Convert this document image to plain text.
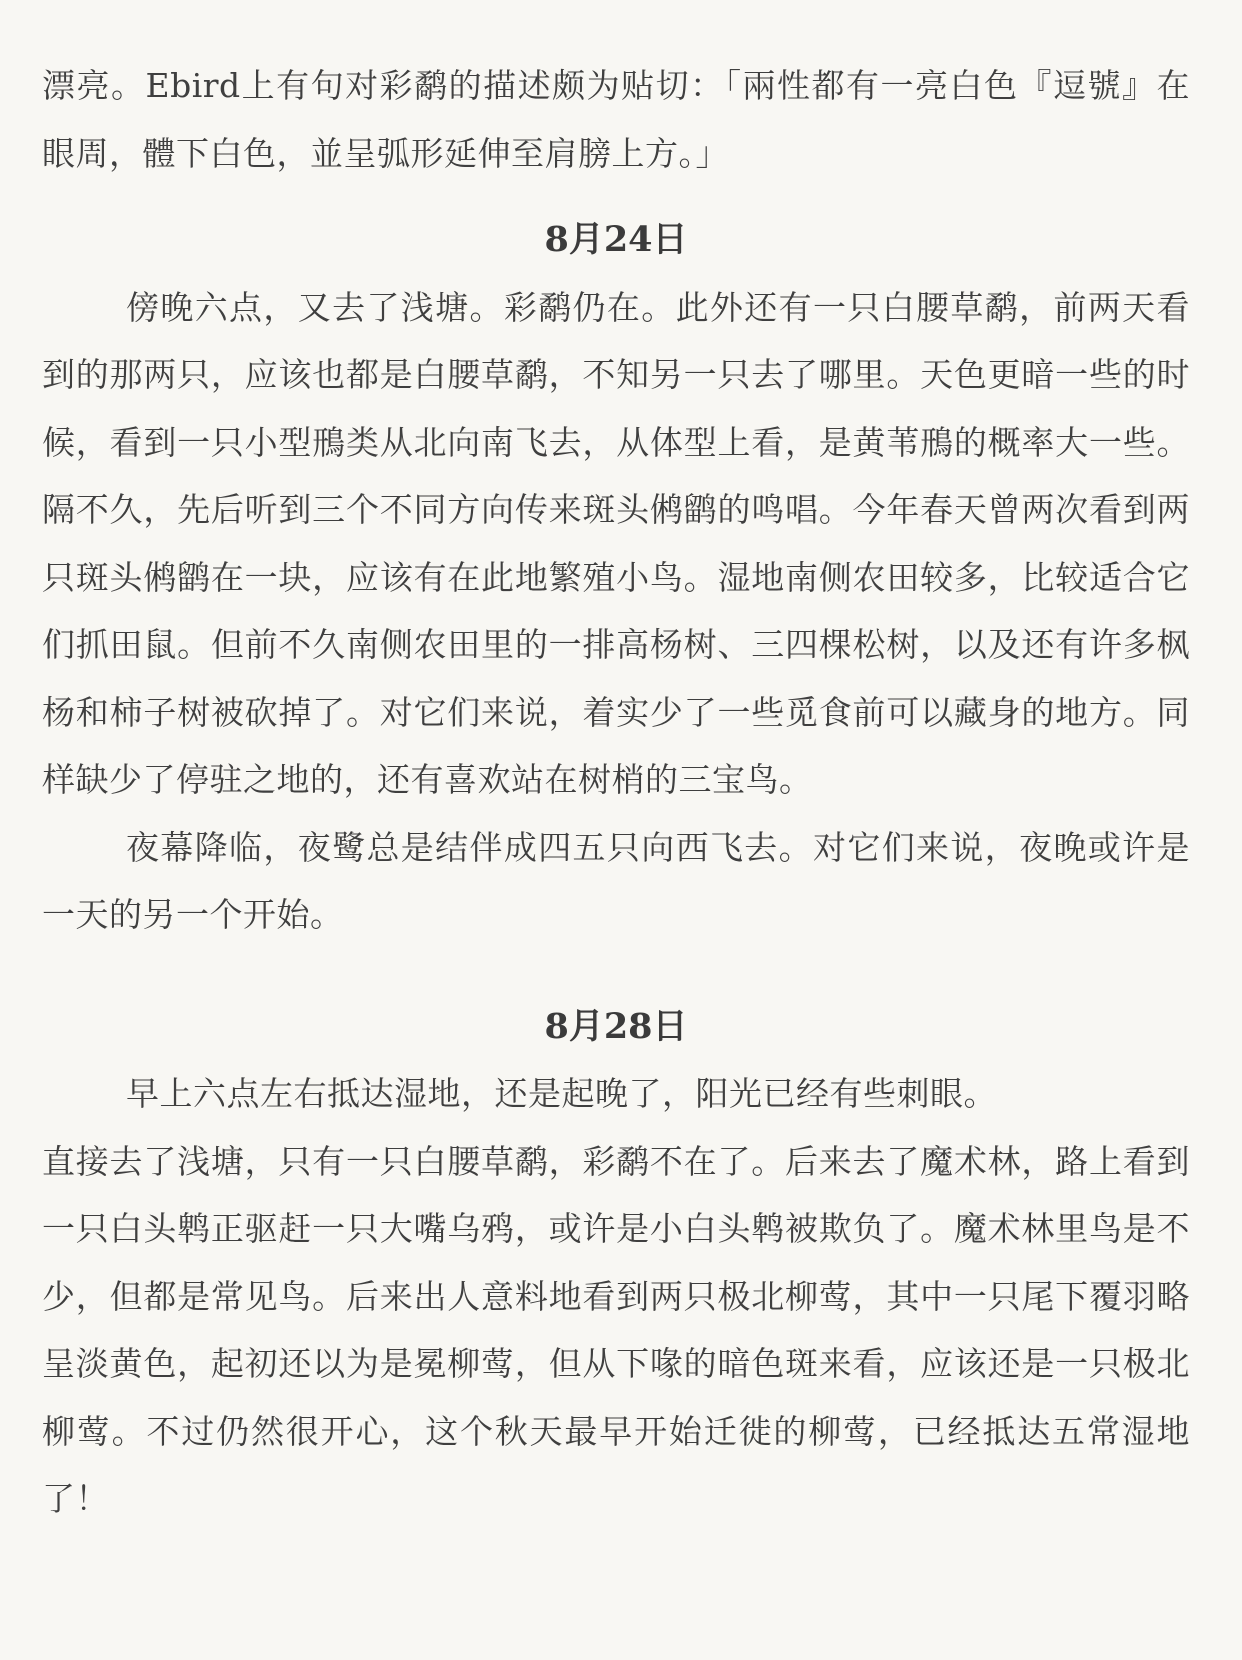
漂亮。Ebird上有句对彩鹬的描述颇为贴切：「兩性都有一亮白色『逗號』在眼周，體下白色，並呈弧形延伸至肩膀上方。」

8月24日

傍晚六点，又去了浅塘。彩鹬仍在。此外还有一只白腰草鹬，前两天看到的那两只，应该也都是白腰草鹬，不知另一只去了哪里。天色更暗一些的时候，看到一只小型鳽类从北向南飞去，从体型上看，是黄苇鳽的概率大一些。隔不久，先后听到三个不同方向传来斑头鸺鹠的鸣唱。今年春天曾两次看到两只斑头鸺鹠在一块，应该有在此地繁殖小鸟。湿地南侧农田较多，比较适合它们抓田鼠。但前不久南侧农田里的一排高杨树、三四棵松树，以及还有许多枫杨和柿子树被砍掉了。对它们来说，着实少了一些觅食前可以藏身的地方。同样缺少了停驻之地的，还有喜欢站在树梢的三宝鸟。

夜幕降临，夜鹭总是结伴成四五只向西飞去。对它们来说，夜晚或许是一天的另一个开始。

8月28日

早上六点左右抵达湿地，还是起晚了，阳光已经有些刺眼。

直接去了浅塘，只有一只白腰草鹬，彩鹬不在了。后来去了魔术林，路上看到一只白头鹎正驱赶一只大嘴乌鸦，或许是小白头鹎被欺负了。魔术林里鸟是不少，但都是常见鸟。后来出人意料地看到两只极北柳莺，其中一只尾下覆羽略呈淡黄色，起初还以为是冕柳莺，但从下喙的暗色斑来看，应该还是一只极北柳莺。不过仍然很开心，这个秋天最早开始迁徙的柳莺，已经抵达五常湿地了！
